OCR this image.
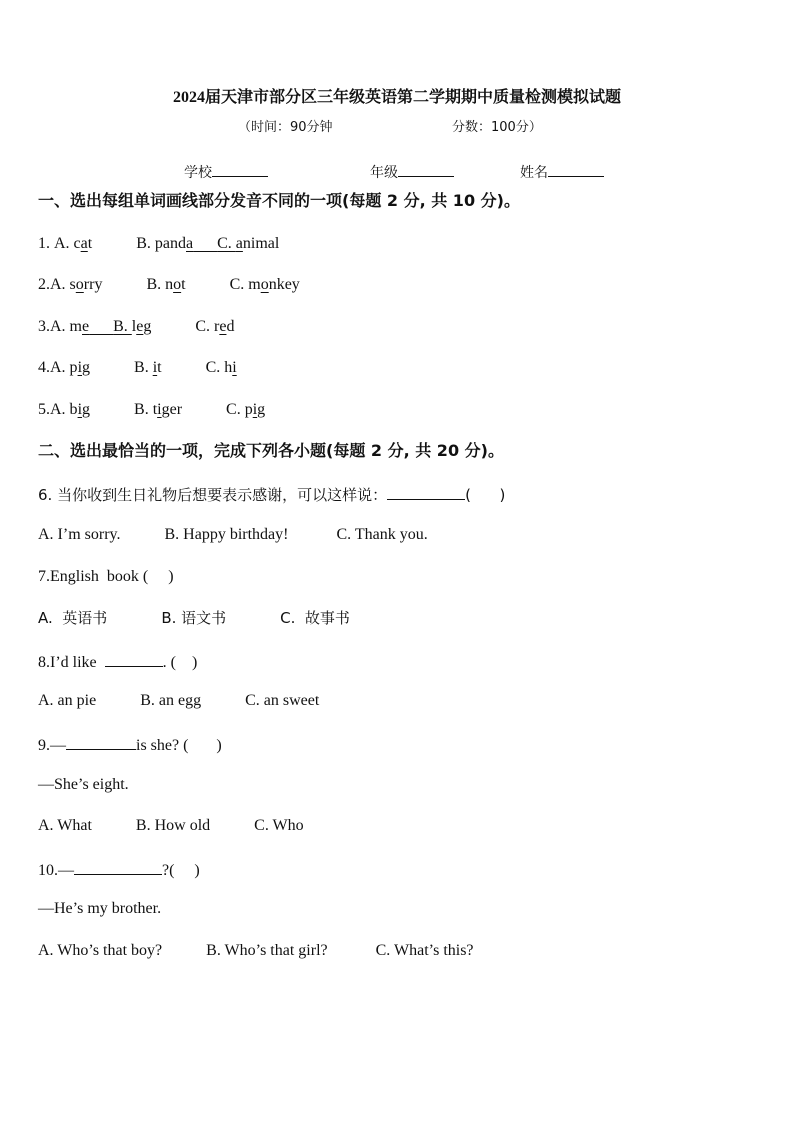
2024届天津市部分区三年级英语第二学期期中质量检测模拟试题
（时间：90分钟	分数：100分）
学校	年级	姓名
一、选出每组单词画线部分发音不同的一项(每题 2 分, 共 10 分)。
1. A. cat	B. panda C. animal
2.A. sorry	B. not	C. monkey
3.A. me B. leg	C. red
4.A. pig	B. it	C. hi
5.A. big	B. tiger	C. pig
二、选出最恰当的一项，完成下列各小题(每题 2 分, 共 20 分)。
6. 当你收到生日礼物后想要表示感谢，可以这样说：	(      )
A. I’m sorry.	B. Happy birthday!	C. Thank you.
7.English  book (     )
A.  英语书	B. 语文书	C.  故事书
8.I’d like	. (    )
A. an pie	B. an egg	C. an sweet
9.—	is she? (       )
—She’s eight.
A. What	B. How old	C. Who
10.—	?(     )
—He’s my brother.
A. Who’s that boy?	B. Who’s that girl?	C. What’s this?
